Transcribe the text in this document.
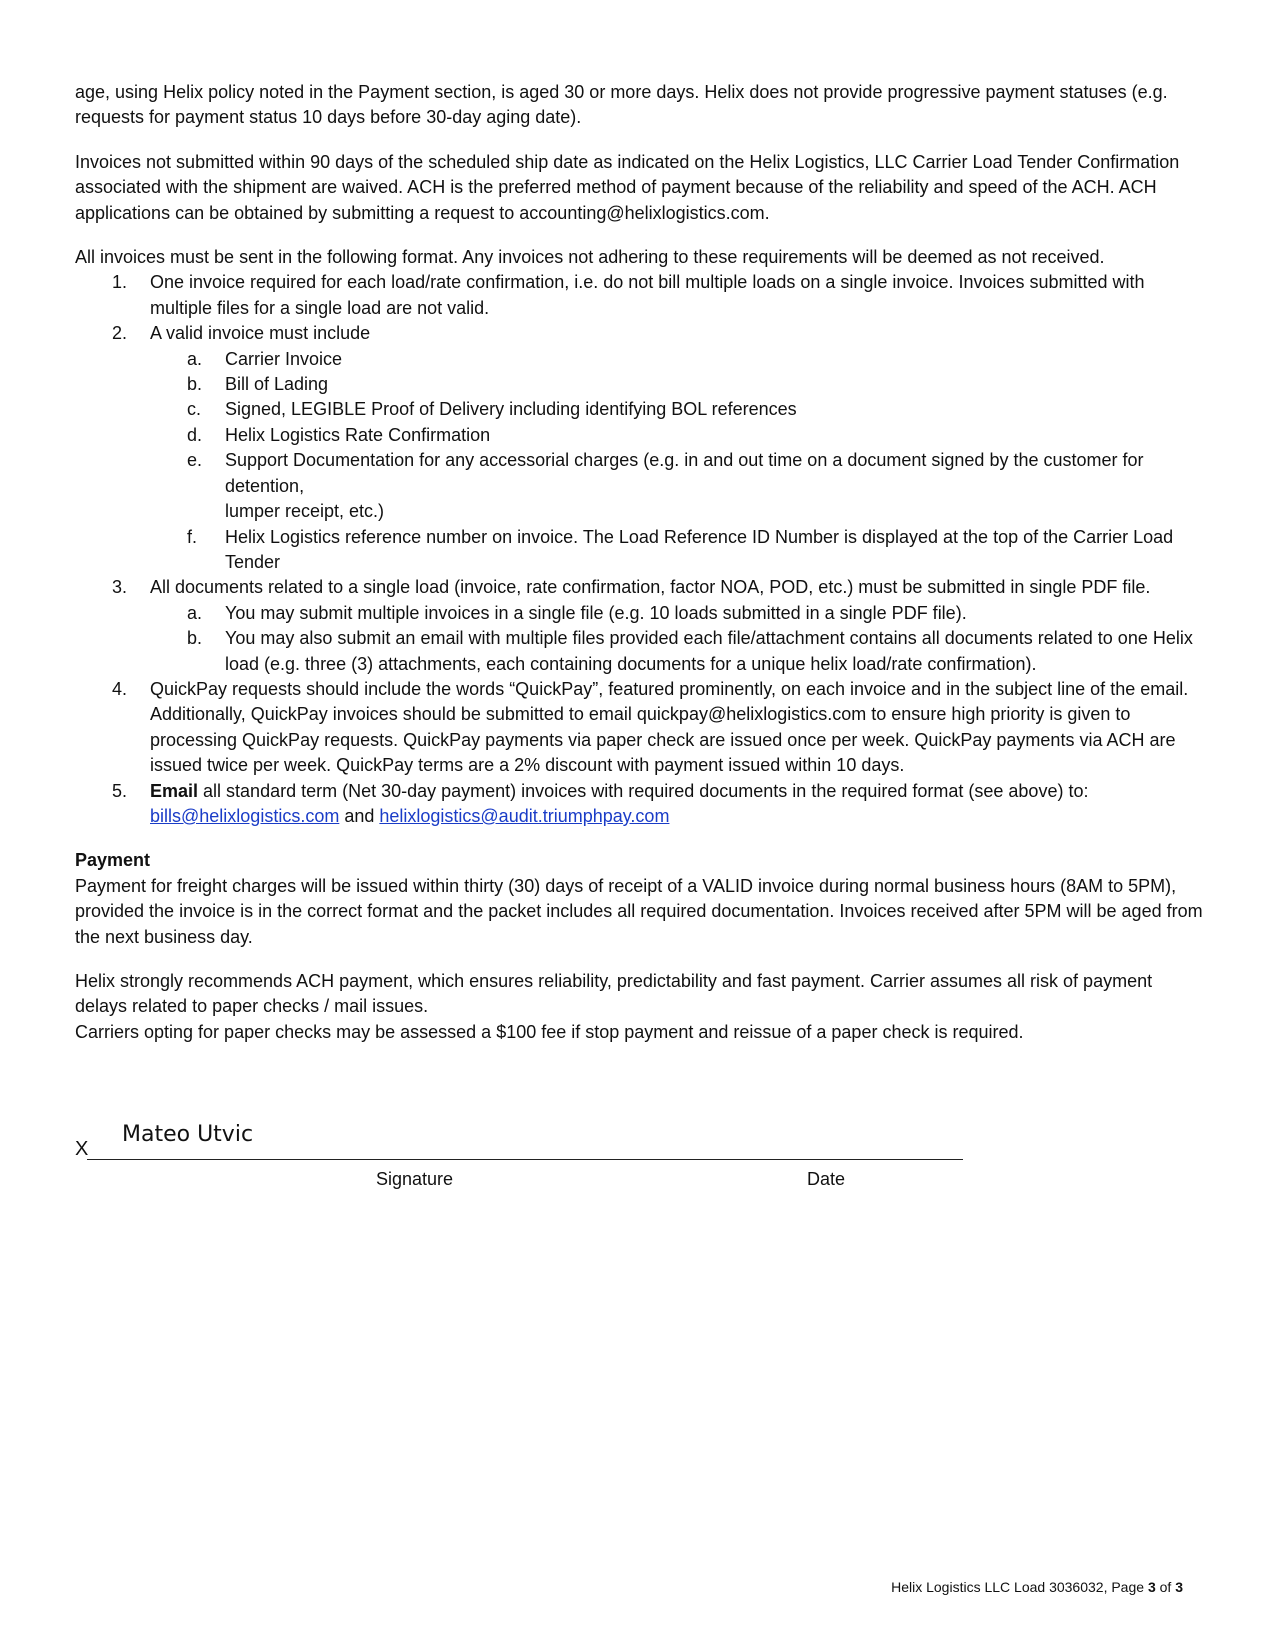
age, using Helix policy noted in the Payment section, is aged 30 or more days. Helix does not provide progressive payment statuses (e.g. requests for payment status 10 days before 30-day aging date).

Invoices not submitted within 90 days of the scheduled ship date as indicated on the Helix Logistics, LLC Carrier Load Tender Confirmation associated with the shipment are waived. ACH is the preferred method of payment because of the reliability and speed of the ACH. ACH applications can be obtained by submitting a request to accounting@helixlogistics.com.

All invoices must be sent in the following format. Any invoices not adhering to these requirements will be deemed as not received.

1.	One invoice required for each load/rate confirmation, i.e. do not bill multiple loads on a single invoice. Invoices submitted with multiple files for a single load are not valid.
2.	A valid invoice must include
a.	Carrier Invoice
b.	Bill of Lading
c.	Signed, LEGIBLE Proof of Delivery including identifying BOL references
d.	Helix Logistics Rate Confirmation
e.	Support Documentation for any accessorial charges (e.g. in and out time on a document signed by the customer for detention,
lumper receipt, etc.)
f.	Helix Logistics reference number on invoice. The Load Reference ID Number is displayed at the top of the Carrier Load Tender
3.	All documents related to a single load (invoice, rate confirmation, factor NOA, POD, etc.) must be submitted in single PDF file.
a.	You may submit multiple invoices in a single file (e.g. 10 loads submitted in a single PDF file).
b.	You may also submit an email with multiple files provided each file/attachment contains all documents related to one Helix load (e.g. three (3) attachments, each containing documents for a unique helix load/rate confirmation).
4.	QuickPay requests should include the words “QuickPay”, featured prominently, on each invoice and in the subject line of the email. Additionally, QuickPay invoices should be submitted to email quickpay@helixlogistics.com to ensure high priority is given to processing QuickPay requests. QuickPay payments via paper check are issued once per week. QuickPay payments via ACH are issued twice per week. QuickPay terms are a 2% discount with payment issued within 10 days.
5.	Email all standard term (Net 30-day payment) invoices with required documents in the required format (see above) to:
bills@helixlogistics.com and helixlogistics@audit.triumphpay.com

Payment

Payment for freight charges will be issued within thirty (30) days of receipt of a VALID invoice during normal business hours (8AM to 5PM), provided the invoice is in the correct format and the packet includes all required documentation. Invoices received after 5PM will be aged from the next business day.

Helix strongly recommends ACH payment, which ensures reliability, predictability and fast payment. Carrier assumes all risk of payment delays related to paper checks / mail issues.

Carriers opting for paper checks may be assessed a $100 fee if stop payment and reissue of a paper check is required.

X
Mateo Utvic
Signature	Date
Helix Logistics LLC Load 3036032, Page 3 of 3
